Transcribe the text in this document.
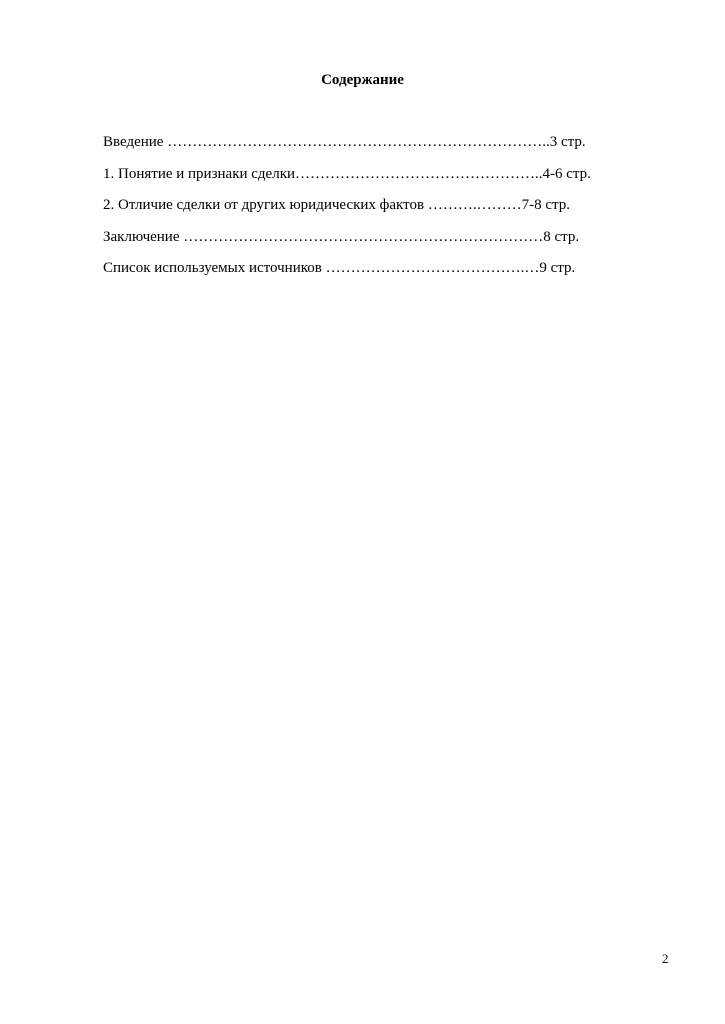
Содержание
Введение …………………………………………………………………..3 стр.
1. Понятие и признаки сделки…………………………………………..4-6 стр.
2. Отличие сделки от других юридических фактов ……….………7-8 стр.
Заключение ………………………………………………………………8 стр.
Список используемых источников ………………………………….…9 стр.
2
